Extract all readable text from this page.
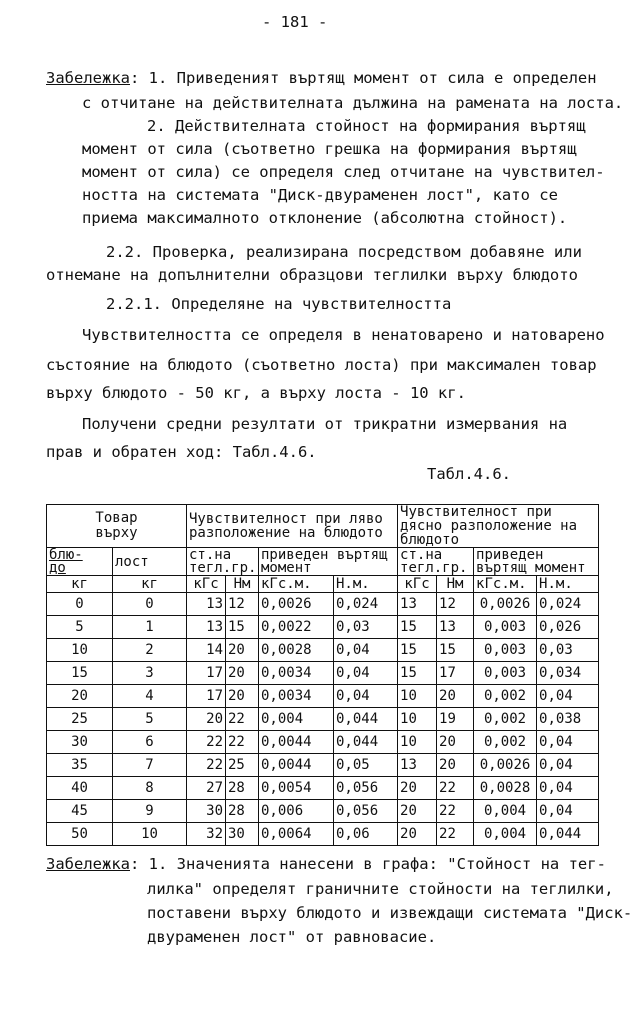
- 181 -
Забележка: 1. Приведеният въртящ момент от сила е определен
с отчитане на действителната дължина на рамената на лоста.
2. Действителната стойност на формирания въртящ
момент от сила (съответно грешка на формирания въртящ
момент от сила) се определя след отчитане на чувствител-
ността на системата "Диск-двураменен лост", като се
приема максималното отклонение (абсолютна стойност).
2.2. Проверка, реализирана посредством добавяне или
отнемане на допълнителни образцови теглилки върху блюдото
2.2.1. Определяне на чувствителността
Чувствителността се определя в ненатоварено и натоварено
състояние на блюдото (съответно лоста) при максимален товар
върху блюдото - 50 кг, а върху лоста - 10 кг.
Получени средни резултати от трикратни измервания на
прав и обратен ход: Табл.4.6.
Табл.4.6.
Товар върху		Чувствителност при ляво разположение на блюдото				Чувствителност при дясно разположение на блюдото			

блю-до	лост	ст.на тегл.гр.		приведен въртящ момент		ст.на тегл.гр.		приведен въртящ момент	

кг	кг	кГс	Нм	кГс.м.	Н.м.	кГс	Нм	кГс.м.	Н.м.
0	0	13	12	0,0026	0,024	13	12	0,0026	0,024
5	1	13	15	0,0022	0,03	15	13	0,003	0,026
10	2	14	20	0,0028	0,04	15	15	0,003	0,03
15	3	17	20	0,0034	0,04	15	17	0,003	0,034
20	4	17	20	0,0034	0,04	10	20	0,002	0,04
25	5	20	22	0,004	0,044	10	19	0,002	0,038
30	6	22	22	0,0044	0,044	10	20	0,002	0,04
35	7	22	25	0,0044	0,05	13	20	0,0026	0,04
40	8	27	28	0,0054	0,056	20	22	0,0028	0,04
45	9	30	28	0,006	0,056	20	22	0,004	0,04
50	10	32	30	0,0064	0,06	20	22	0,004	0,044
Забележка: 1. Значенията нанесени в графа: "Стойност на тег-
лилка" определят граничните стойности на теглилки,
поставени върху блюдото и извеждащи системата "Диск-
двураменен лост" от равновасие.
